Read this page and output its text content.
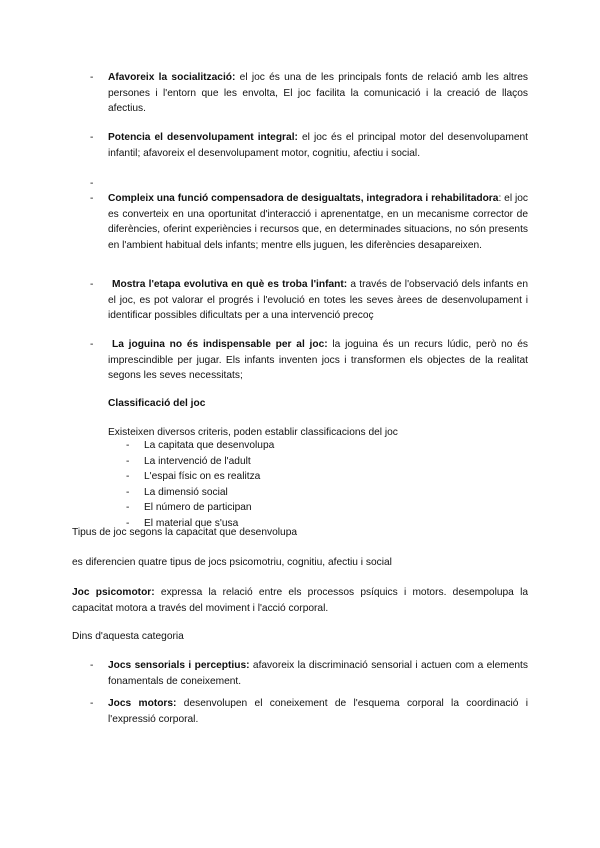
-	Afavoreix la socialització: el joc és una de les principals fonts de relació amb les altres persones i l'entorn que les envolta, El joc facilita la comunicació i la creació de llaços afectius.
-	Potencia el desenvolupament integral: el joc és el principal motor del desenvolupament infantil; afavoreix el desenvolupament motor, cognitiu, afectiu i social.
-
-	Compleix una funció compensadora de desigualtats, integradora i rehabilitadora: el joc es converteix en una oportunitat d'interacció i aprenentatge, en un mecanisme corrector de diferències, oferint experiències i recursos que, en determinades situacions, no són presents en l'ambient habitual dels infants; mentre ells juguen, les diferències desapareixen.
-	Mostra l'etapa evolutiva en què es troba l'infant: a través de l'observació dels infants en el joc, es pot valorar el progrés i l'evolució en totes les seves àrees de desenvolupament i identificar possibles dificultats per a una intervenció precoç
-	La joguina no és indispensable per al joc: la joguina és un recurs lúdic, però no és imprescindible per jugar. Els infants inventen jocs i transformen els objectes de la realitat segons les seves necessitats;
Classificació del joc
Existeixen diversos criteris, poden establir classificacions del joc
- La capitata que desenvolupa
- La intervenció de l'adult
- L'espai físic on es realitza
- La dimensió social
- El número de participan
- El material que s'usa
Tipus de joc segons la capacitat que desenvolupa
es diferencien quatre tipus de jocs psicomotriu, cognitiu, afectiu i social
Joc psicomotor: expressa la relació entre els processos psíquics i motors. desempolupa la capacitat motora a través del moviment i l'acció corporal.
Dins d'aquesta categoria
-	Jocs sensorials i perceptius: afavoreix la discriminació sensorial i actuen com a elements fonamentals de coneixement.
-	Jocs motors: desenvolupen el coneixement de l'esquema corporal la coordinació i l'expressió corporal.
